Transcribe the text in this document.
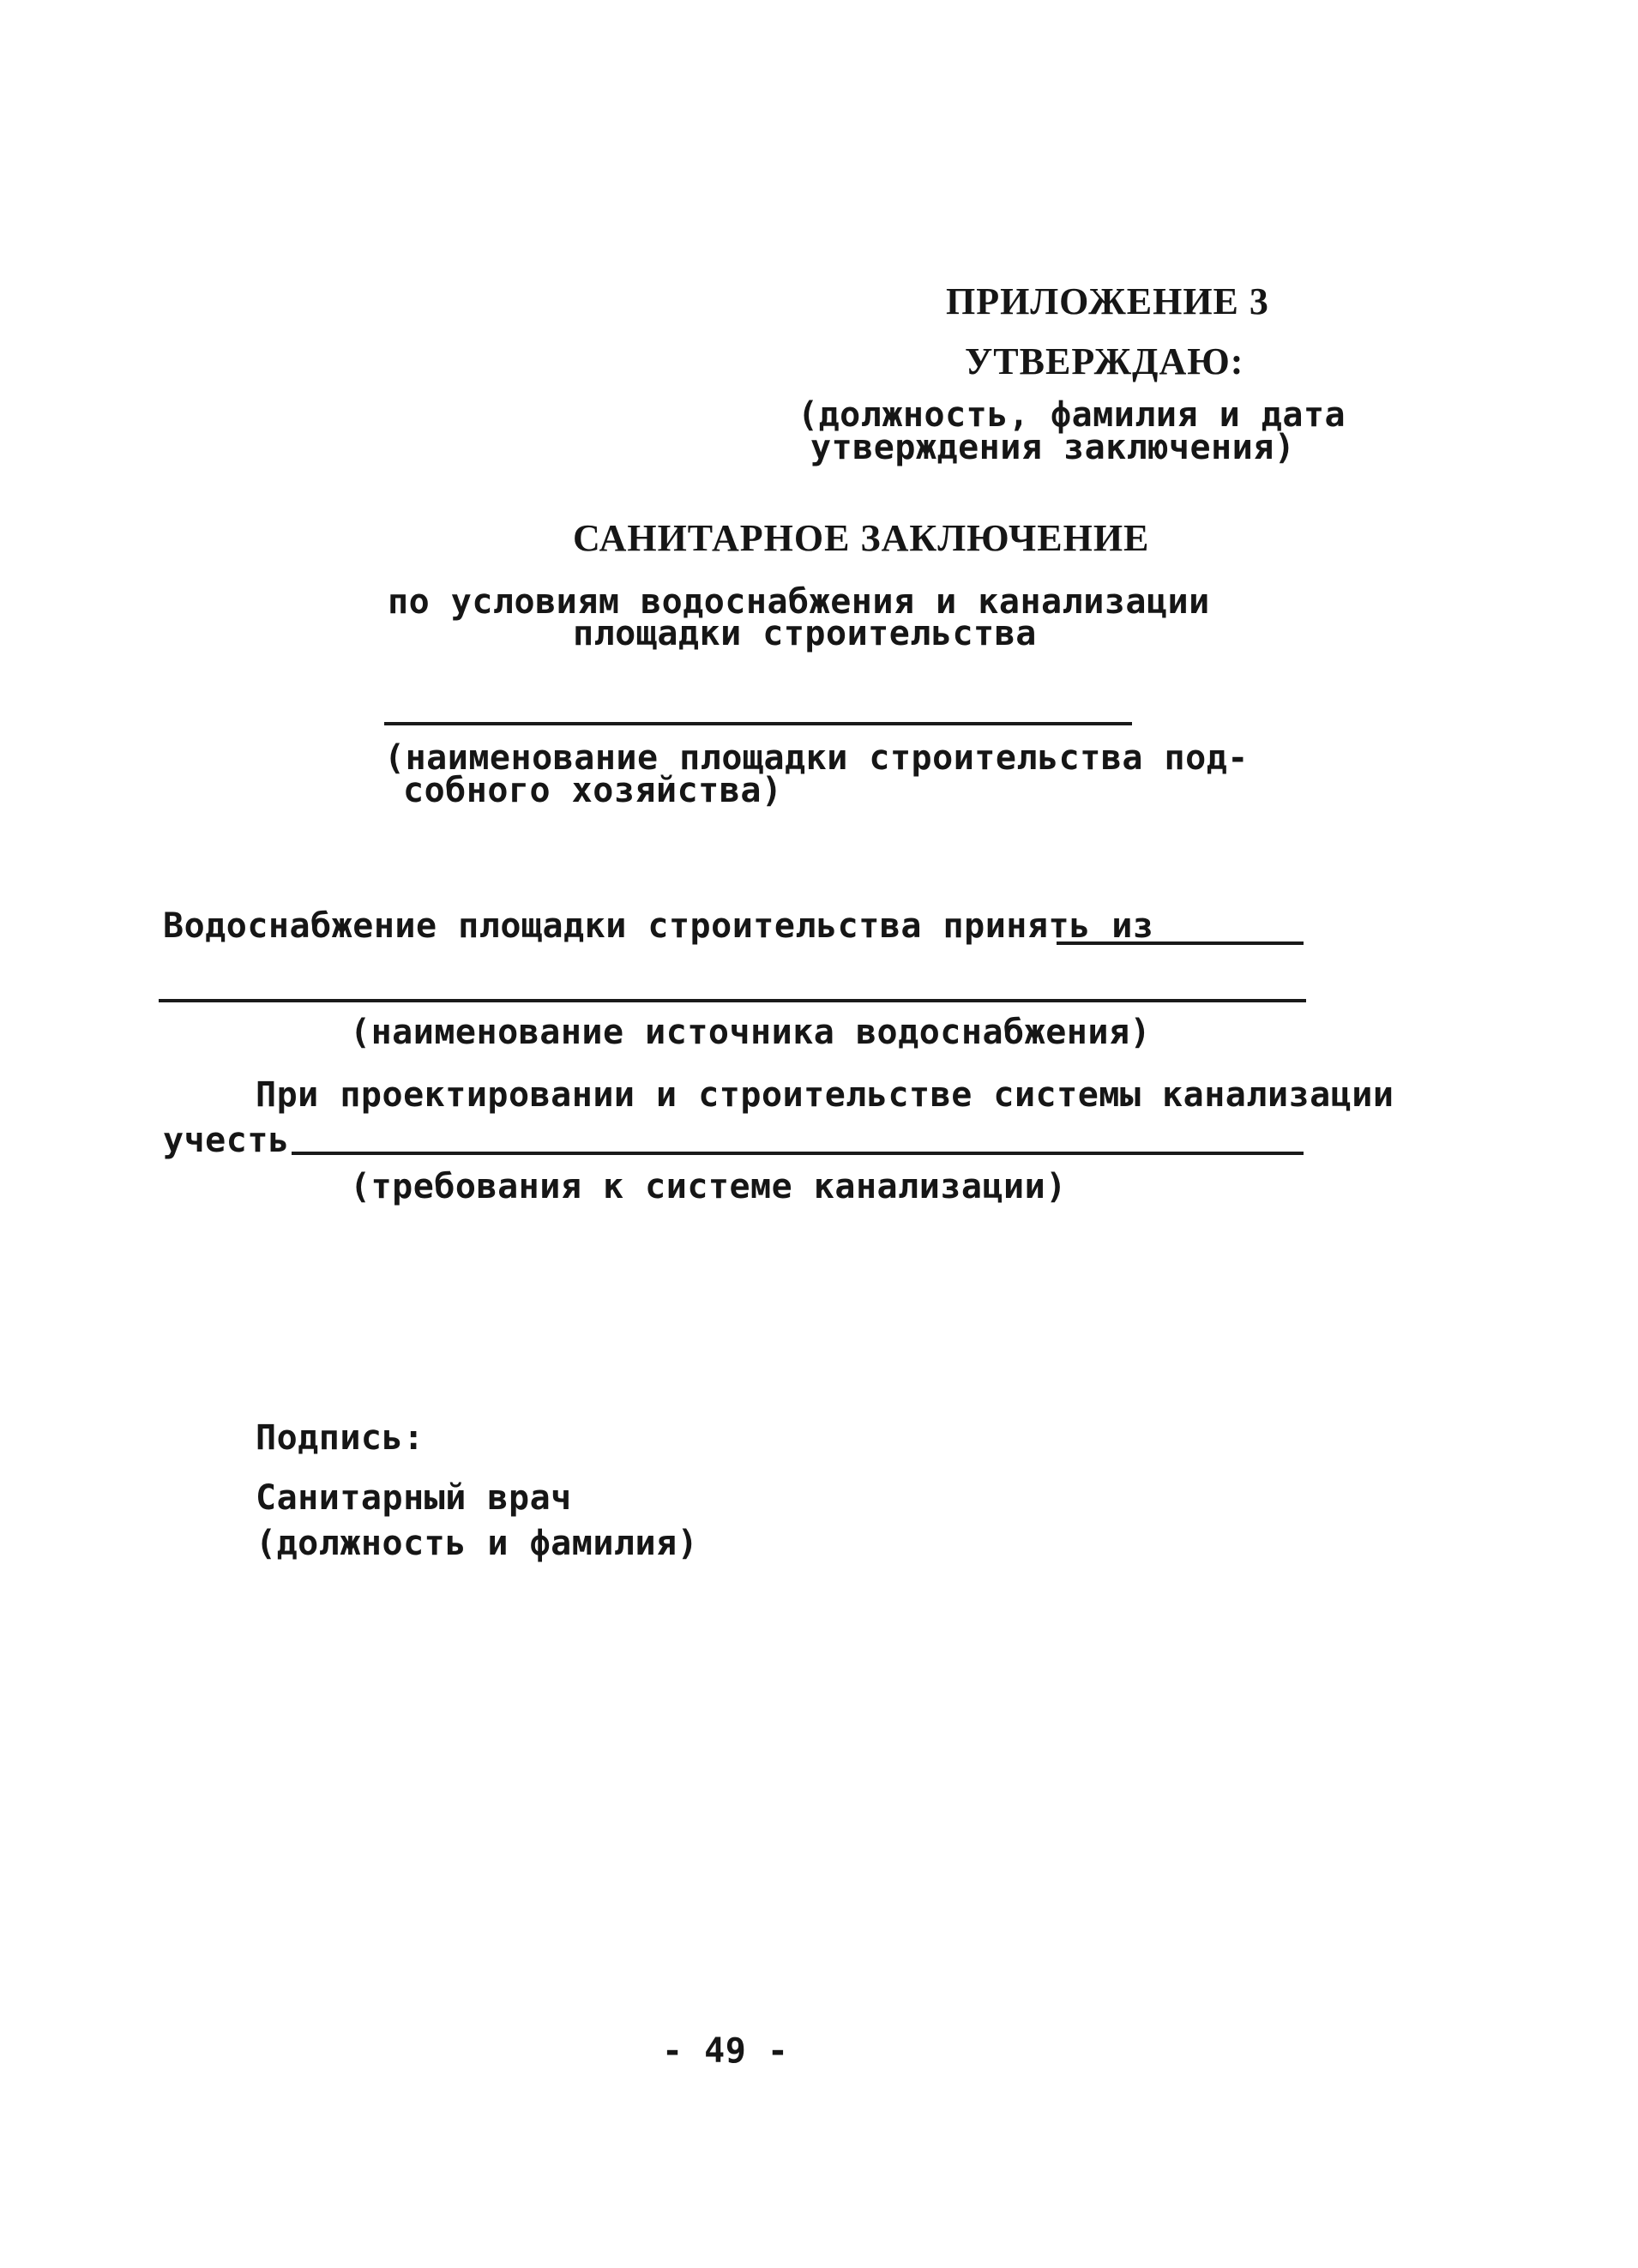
ПРИЛОЖЕНИЕ 3
УТВЕРЖДАЮ:
(должность, фамилия и дата
утверждения заключения)
САНИТАРНОЕ ЗАКЛЮЧЕНИЕ
по условиям водоснабжения и канализации
площадки строительства
(наименование площадки строительства под-
собного хозяйства)
Водоснабжение площадки строительства принять из
(наименование источника водоснабжения)
При проектировании и строительстве системы канализации
учесть
(требования к системе канализации)
Подпись:
Санитарный врач
(должность и фамилия)
- 49 -
